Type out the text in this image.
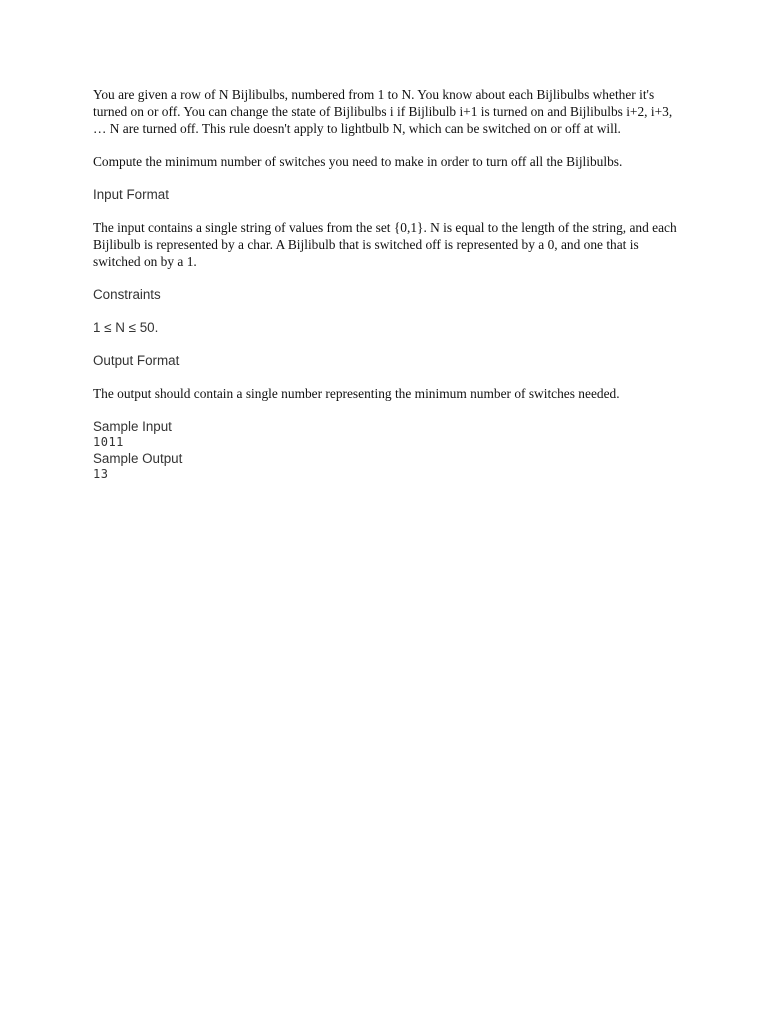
You are given a row of N Bijlibulbs, numbered from 1 to N. You know about each Bijlibulbs whether it's turned on or off. You can change the state of Bijlibulbs i if Bijlibulb i+1 is turned on and Bijlibulbs i+2, i+3, … N are turned off. This rule doesn't apply to lightbulb N, which can be switched on or off at will.

Compute the minimum number of switches you need to make in order to turn off all the Bijlibulbs.

Input Format

The input contains a single string of values from the set {0,1}. N is equal to the length of the string, and each Bijlibulb is represented by a char. A Bijlibulb that is switched off is represented by a 0, and one that is switched on by a 1.

Constraints

1 ≤ N ≤ 50.

Output Format

The output should contain a single number representing the minimum number of switches needed.

Sample Input

1011

Sample Output

13
